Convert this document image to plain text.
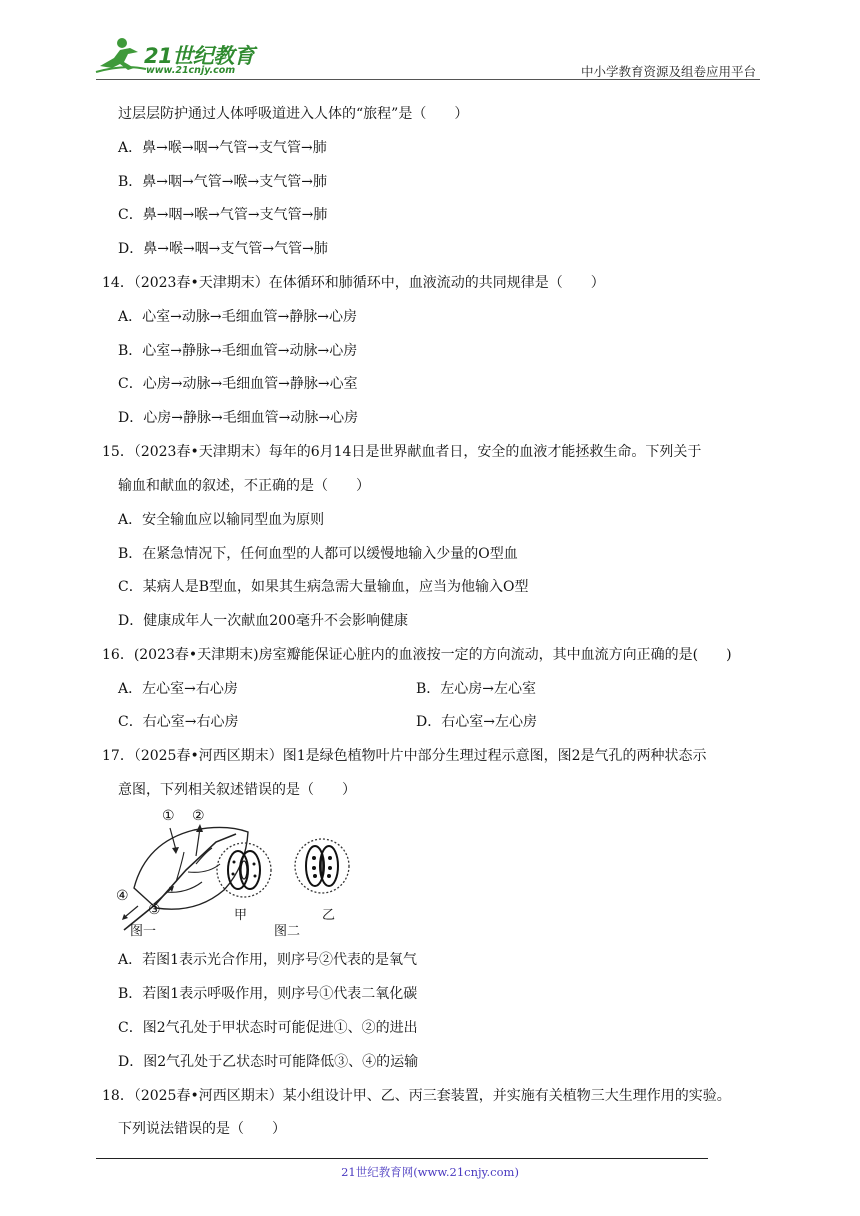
21世纪教育
www.21cnjy.com	中小学教育资源及组卷应用平台
过层层防护通过人体呼吸道进入人体的“旅程”是（　　）
A．鼻→喉→咽→气管→支气管→肺
B．鼻→咽→气管→喉→支气管→肺
C．鼻→咽→喉→气管→支气管→肺
D．鼻→喉→咽→支气管→气管→肺
14．（2023春•天津期末）在体循环和肺循环中，血液流动的共同规律是（　　）
A．心室→动脉→毛细血管→静脉→心房
B．心室→静脉→毛细血管→动脉→心房
C．心房→动脉→毛细血管→静脉→心室
D．心房→静脉→毛细血管→动脉→心房
15．（2023春•天津期末）每年的6月14日是世界献血者日，安全的血液才能拯救生命。下列关于
输血和献血的叙述，不正确的是（　　）
A．安全输血应以输同型血为原则
B．在紧急情况下，任何血型的人都可以缓慢地输入少量的O型血
C．某病人是B型血，如果其生病急需大量输血，应当为他输入O型
D．健康成年人一次献血200毫升不会影响健康
16．(2023春•天津期末)房室瓣能保证心脏内的血液按一定的方向流动，其中血流方向正确的是(　　)
A．左心室→右心房	B．左心房→左心室
C．右心室→右心房	D．右心室→左心房
17．（2025春•河西区期末）图1是绿色植物叶片中部分生理过程示意图，图2是气孔的两种状态示
意图，下列相关叙述错误的是（　　）
① ②
④
③	甲	乙
图一	图二
A．若图1表示光合作用，则序号②代表的是氧气
B．若图1表示呼吸作用，则序号①代表二氧化碳
C．图2气孔处于甲状态时可能促进①、②的进出
D．图2气孔处于乙状态时可能降低③、④的运输
18．（2025春•河西区期末）某小组设计甲、乙、丙三套装置，并实施有关植物三大生理作用的实验。
下列说法错误的是（　　）
21世纪教育网(www.21cnjy.com)
